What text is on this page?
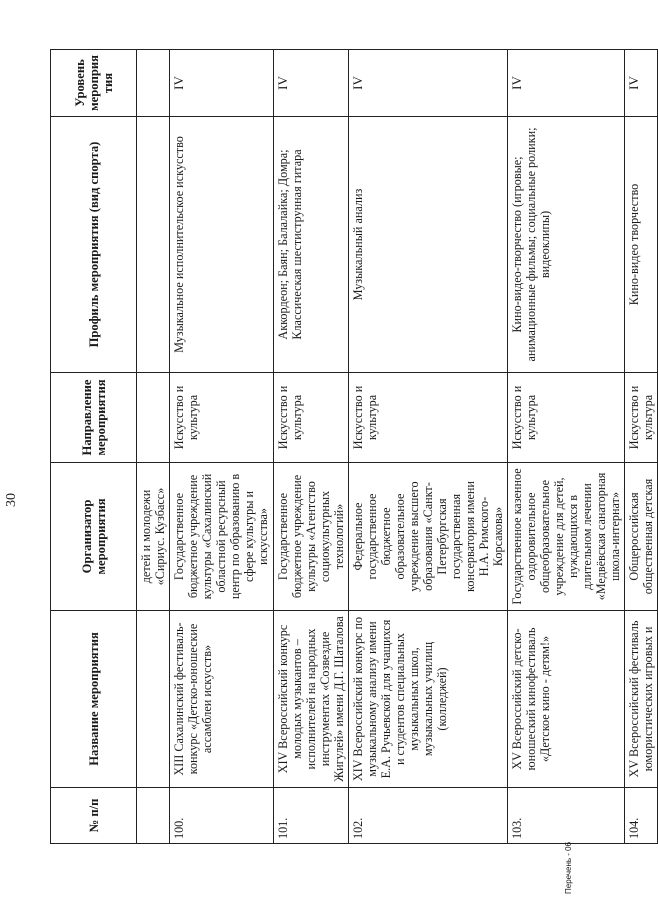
30
№ п/п	Название мероприятия	Организатор мероприятия	Направление мероприятия	Профиль мероприятия (вид спорта)	Уровень мероприятия
		детей и молодежи «Сириус. Кузбасс»			
100.	XIII Сахалинский фестиваль-конкурс «Детско-юношеские ассамблеи искусств»	Государственное бюджетное учреждение культуры «Сахалинский областной ресурсный центр по образованию в сфере культуры и искусства»	Искусство и культура	Музыкальное исполнительское искусство	IV
101.	XIV Всероссийский конкурс молодых музыкантов – исполнителей на народных инструментах «Созвездие Жигулей» имени Д.Г. Шаталова	Государственное бюджетное учреждение культуры «Агентство социокультурных технологий»	Искусство и культура	Аккордеон; Баян; Балалайка; Домра; Классическая шестиструнная гитара	IV
102.	XIV Всероссийский конкурс по музыкальному анализу имени Е.А. Ручьевской для учащихся и студентов специальных музыкальных школ, музыкальных училищ (колледжей)	Федеральное государственное бюджетное образовательное учреждение высшего образования «Санкт-Петербургская государственная консерватория имени Н.А. Римского-Корсакова»	Искусство и культура	Музыкальный анализ	IV
103.	XV Всероссийский детско-юношеский кинофестиваль «Детское кино - детям!»	Государственное казенное оздоровительное общеобразовательное учреждение для детей, нуждающихся в длительном лечении «Медвёвская санаторная школа-интернат»	Искусство и культура	Кино-видео-творчество (игровые; анимационные фильмы; социальные ролики; видеоклипы)	IV
104.	XV Всероссийский фестиваль юмористических игровых и	Общероссийская общественная детская	Искусство и культура	Кино-видео творчество	IV
Перечень - 06
